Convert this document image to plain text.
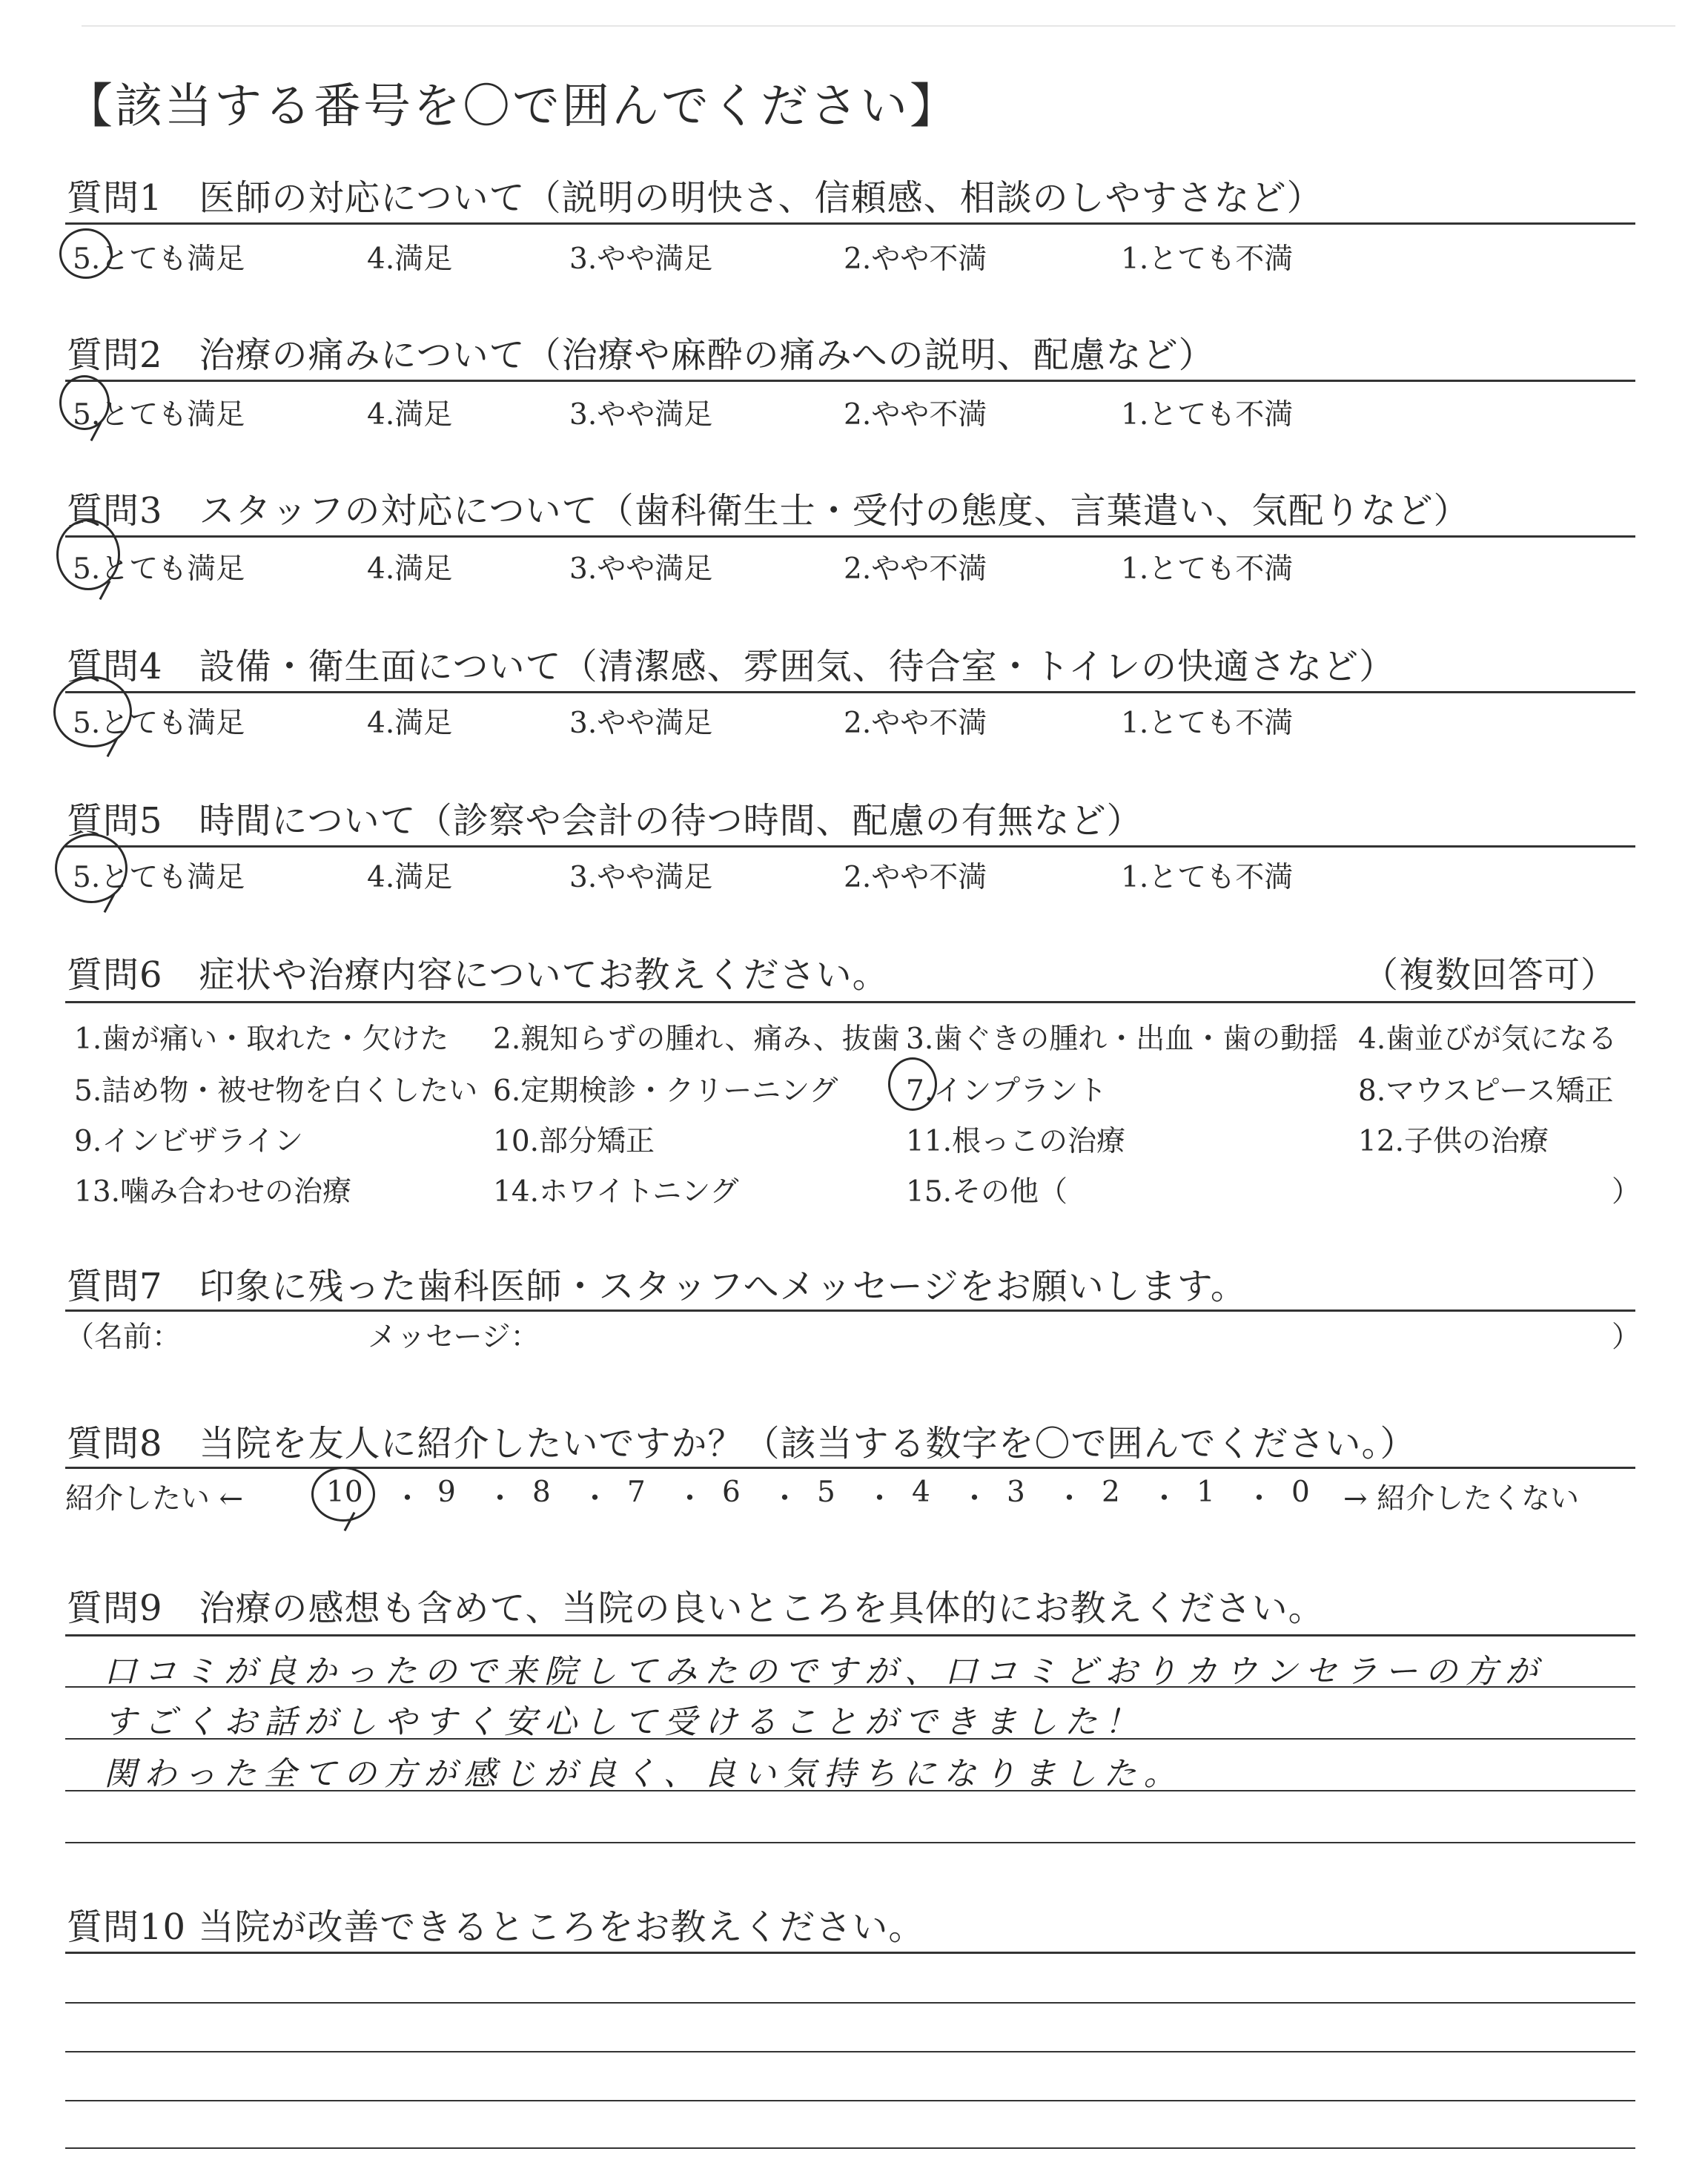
【該当する番号を〇で囲んでください】
質問1　医師の対応について（説明の明快さ、信頼感、相談のしやすさなど）
5.とても満足	4.満足	3.やや満足	2.やや不満	1.とても不満
質問2　治療の痛みについて（治療や麻酔の痛みへの説明、配慮など）
5.とても満足	4.満足	3.やや満足	2.やや不満	1.とても不満
質問3　スタッフの対応について（歯科衛生士・受付の態度、言葉遣い、気配りなど）
5.とても満足	4.満足	3.やや満足	2.やや不満	1.とても不満
質問4　設備・衛生面について（清潔感、雰囲気、待合室・トイレの快適さなど）
5.とても満足	4.満足	3.やや満足	2.やや不満	1.とても不満
質問5　時間について（診察や会計の待つ時間、配慮の有無など）
5.とても満足	4.満足	3.やや満足	2.やや不満	1.とても不満
質問6　症状や治療内容についてお教えください。	（複数回答可）
1.歯が痛い・取れた・欠けた 2.親知らずの腫れ、痛み、抜歯 3.歯ぐきの腫れ・出血・歯の動揺 4.歯並びが気になる
5.詰め物・被せ物を白くしたい 6.定期検診・クリーニング 7.インプラント	8.マウスピース矯正
9.インビザライン	10.部分矯正	11.根っこの治療	12.子供の治療
13.噛み合わせの治療	14.ホワイトニング	15.その他（	）
質問7　印象に残った歯科医師・スタッフへメッセージをお願いします。
（名前：	メッセージ：	）
質問8　当院を友人に紹介したいですか？（該当する数字を〇で囲んでください。）
紹介したい ←	10 ・ 9 ・ 8 ・ 7 ・ 6 ・ 5 ・ 4 ・ 3 ・ 2 ・ 1 ・ 0 → 紹介したくない
質問9　治療の感想も含めて、当院の良いところを具体的にお教えください。
口コミが良かったので来院してみたのですが、口コミどおりカウンセラーの方が
すごくお話がしやすく安心して受けることができました！
関わった全ての方が感じが良く、良い気持ちになりました。
質問10 当院が改善できるところをお教えください。
